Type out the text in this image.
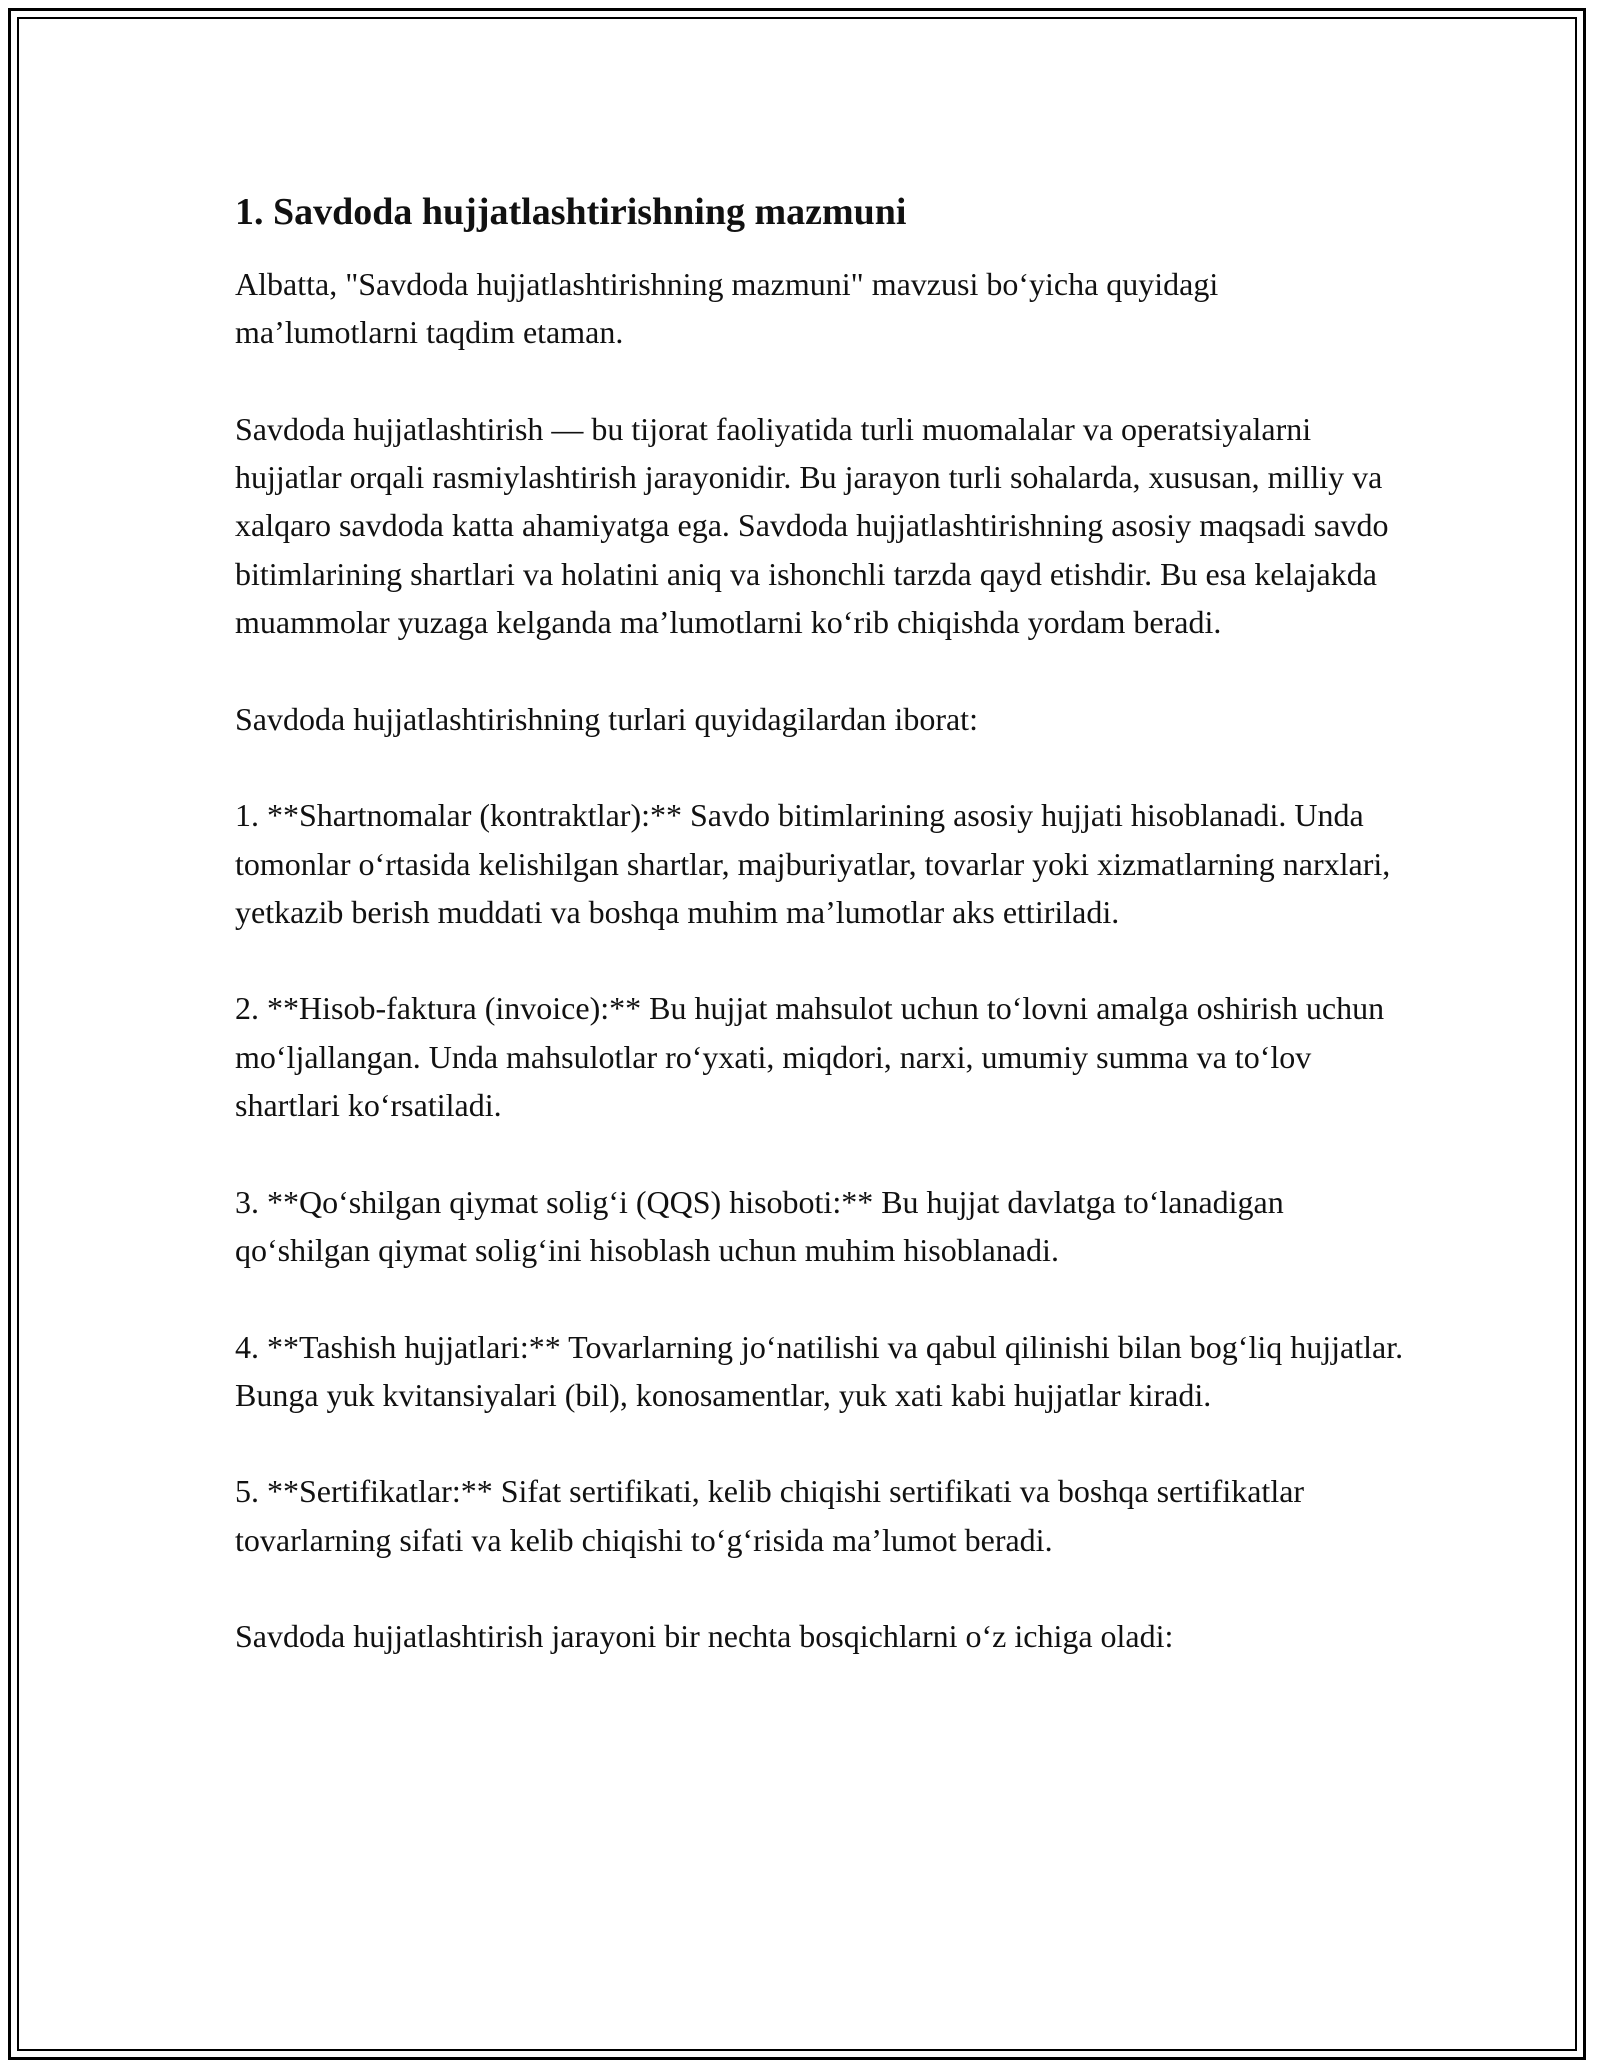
1. Savdoda hujjatlashtirishning mazmuni

Albatta, "Savdoda hujjatlashtirishning mazmuni" mavzusi bo‘yicha quyidagi ma’lumotlarni taqdim etaman.

Savdoda hujjatlashtirish — bu tijorat faoliyatida turli muomalalar va operatsiyalarni hujjatlar orqali rasmiylashtirish jarayonidir. Bu jarayon turli sohalarda, xususan, milliy va xalqaro savdoda katta ahamiyatga ega. Savdoda hujjatlashtirishning asosiy maqsadi savdo bitimlarining shartlari va holatini aniq va ishonchli tarzda qayd etishdir. Bu esa kelajakda muammolar yuzaga kelganda ma’lumotlarni ko‘rib chiqishda yordam beradi.

Savdoda hujjatlashtirishning turlari quyidagilardan iborat:

1. **Shartnomalar (kontraktlar):** Savdo bitimlarining asosiy hujjati hisoblanadi. Unda tomonlar o‘rtasida kelishilgan shartlar, majburiyatlar, tovarlar yoki xizmatlarning narxlari, yetkazib berish muddati va boshqa muhim ma’lumotlar aks ettiriladi.

2. **Hisob-faktura (invoice):** Bu hujjat mahsulot uchun to‘lovni amalga oshirish uchun mo‘ljallangan. Unda mahsulotlar ro‘yxati, miqdori, narxi, umumiy summa va to‘lov shartlari ko‘rsatiladi.

3. **Qo‘shilgan qiymat solig‘i (QQS) hisoboti:** Bu hujjat davlatga to‘lanadigan qo‘shilgan qiymat solig‘ini hisoblash uchun muhim hisoblanadi.

4. **Tashish hujjatlari:** Tovarlarning jo‘natilishi va qabul qilinishi bilan bog‘liq hujjatlar. Bunga yuk kvitansiyalari (bil), konosamentlar, yuk xati kabi hujjatlar kiradi.

5. **Sertifikatlar:** Sifat sertifikati, kelib chiqishi sertifikati va boshqa sertifikatlar tovarlarning sifati va kelib chiqishi to‘g‘risida ma’lumot beradi.

Savdoda hujjatlashtirish jarayoni bir nechta bosqichlarni o‘z ichiga oladi:
